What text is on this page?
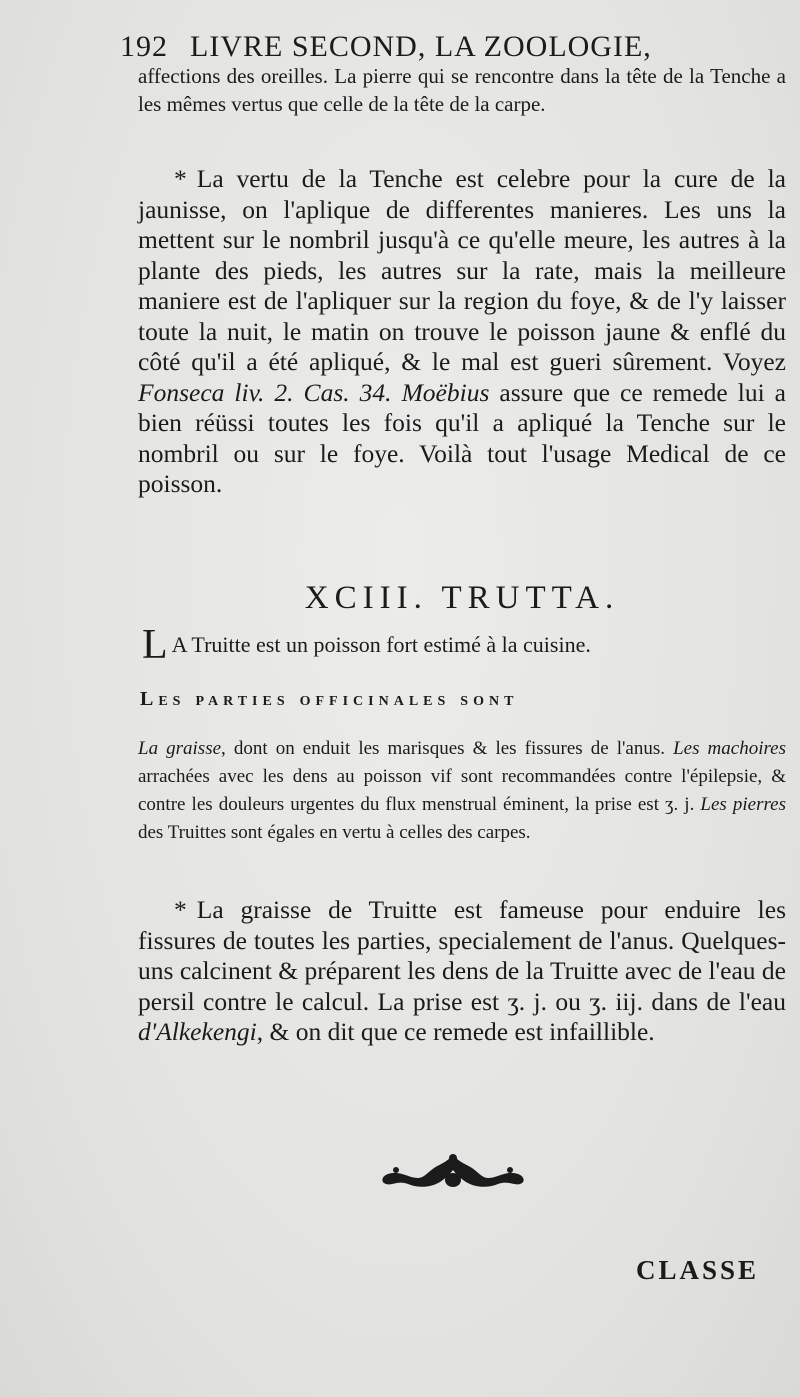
192 LIVRE SECOND, LA ZOOLOGIE,
affections des oreilles. La pierre qui se rencontre dans la tête de la Tenche a les mêmes vertus que celle de la tête de la carpe.
* La vertu de la Tenche est celebre pour la cure de la jaunisse, on l'aplique de differentes manieres. Les uns la mettent sur le nombril jusqu'à ce qu'elle meure, les autres à la plante des pieds, les autres sur la rate, mais la meilleure maniere est de l'apliquer sur la region du foye, & de l'y laisser toute la nuit, le matin on trouve le poisson jaune & enflé du côté qu'il a été apliqué, & le mal est gueri sûrement. Voyez Fonseca liv. 2. Cas. 34. Moëbius assure que ce remede lui a bien réüssi toutes les fois qu'il a apliqué la Tenche sur le nombril ou sur le foye. Voilà tout l'usage Medical de ce poisson.
XCIII. TRUTTA.
L A Truitte est un poisson fort estimé à la cuisine.
Les parties officinales sont
La graisse, dont on enduit les marisques & les fissures de l'anus. Les machoires arrachées avec les dens au poisson vif sont recommandées contre l'épilepsie, & contre les douleurs urgentes du flux menstrual éminent, la prise est ʒ. j. Les pierres des Truittes sont égales en vertu à celles des carpes.
* La graisse de Truitte est fameuse pour enduire les fissures de toutes les parties, specialement de l'anus. Quelques-uns calcinent & préparent les dens de la Truitte avec de l'eau de persil contre le calcul. La prise est ʒ. j. ou ʒ. iij. dans de l'eau d'Alkekengi, & on dit que ce remede est infaillible.
CLASSE
